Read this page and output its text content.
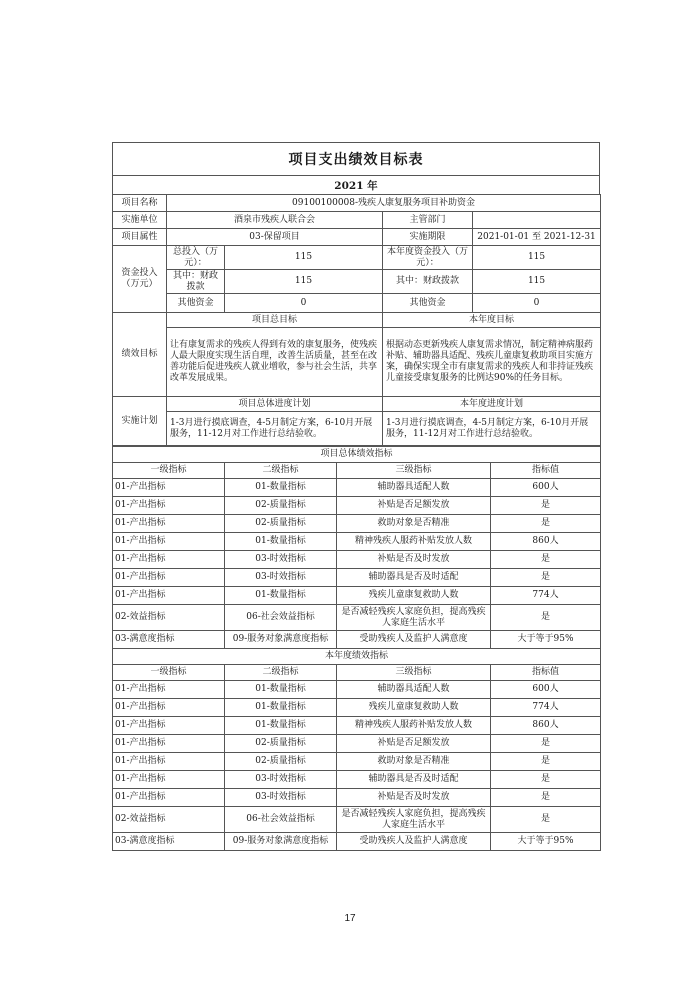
项目支出绩效目标表
2021 年
项目名称	09100100008-残疾人康复服务项目补助资金			
实施单位	酒泉市残疾人联合会		主管部门	
项目属性	03-保留项目		实施期限	2021-01-01 至 2021-12-31
资金投入（万元）	总投入（万元）：	115	本年度资金投入（万元）：	115
	其中：财政拨款	115	其中：财政拨款	115
	其他资金	0	其他资金	0
绩效目标	项目总目标		本年度目标	
	让有康复需求的残疾人得到有效的康复服务，使残疾人最大限度实现生活自理，改善生活质量，甚至在改善功能后促进残疾人就业增收，参与社会生活，共享改革发展成果。		根据动态更新残疾人康复需求情况，制定精神病服药补贴、辅助器具适配、残疾儿童康复救助项目实施方案，确保实现全市有康复需求的残疾人和非持证残疾儿童接受康复服务的比例达90%的任务目标。	
实施计划	项目总体进度计划		本年度进度计划	
	1-3月进行摸底调查，4-5月制定方案，6-10月开展服务，11-12月对工作进行总结验收。		1-3月进行摸底调查，4-5月制定方案，6-10月开展服务，11-12月对工作进行总结验收。	
项目总体绩效指标			
一级指标	二级指标	三级指标	指标值
01-产出指标	01-数量指标	辅助器具适配人数	600人
01-产出指标	02-质量指标	补贴是否足额发放	是
01-产出指标	02-质量指标	救助对象是否精准	是
01-产出指标	01-数量指标	精神残疾人服药补贴发放人数	860人
01-产出指标	03-时效指标	补贴是否及时发放	是
01-产出指标	03-时效指标	辅助器具是否及时适配	是
01-产出指标	01-数量指标	残疾儿童康复救助人数	774人
02-效益指标	06-社会效益指标	是否减轻残疾人家庭负担，提高残疾人家庭生活水平	是
03-满意度指标	09-服务对象满意度指标	受助残疾人及监护人满意度	大于等于95%
本年度绩效指标			
一级指标	二级指标	三级指标	指标值
01-产出指标	01-数量指标	辅助器具适配人数	600人
01-产出指标	01-数量指标	残疾儿童康复救助人数	774人
01-产出指标	01-数量指标	精神残疾人服药补贴发放人数	860人
01-产出指标	02-质量指标	补贴是否足额发放	是
01-产出指标	02-质量指标	救助对象是否精准	是
01-产出指标	03-时效指标	辅助器具是否及时适配	是
01-产出指标	03-时效指标	补贴是否及时发放	是
02-效益指标	06-社会效益指标	是否减轻残疾人家庭负担，提高残疾人家庭生活水平	是
03-满意度指标	09-服务对象满意度指标	受助残疾人及监护人满意度	大于等于95%
17
